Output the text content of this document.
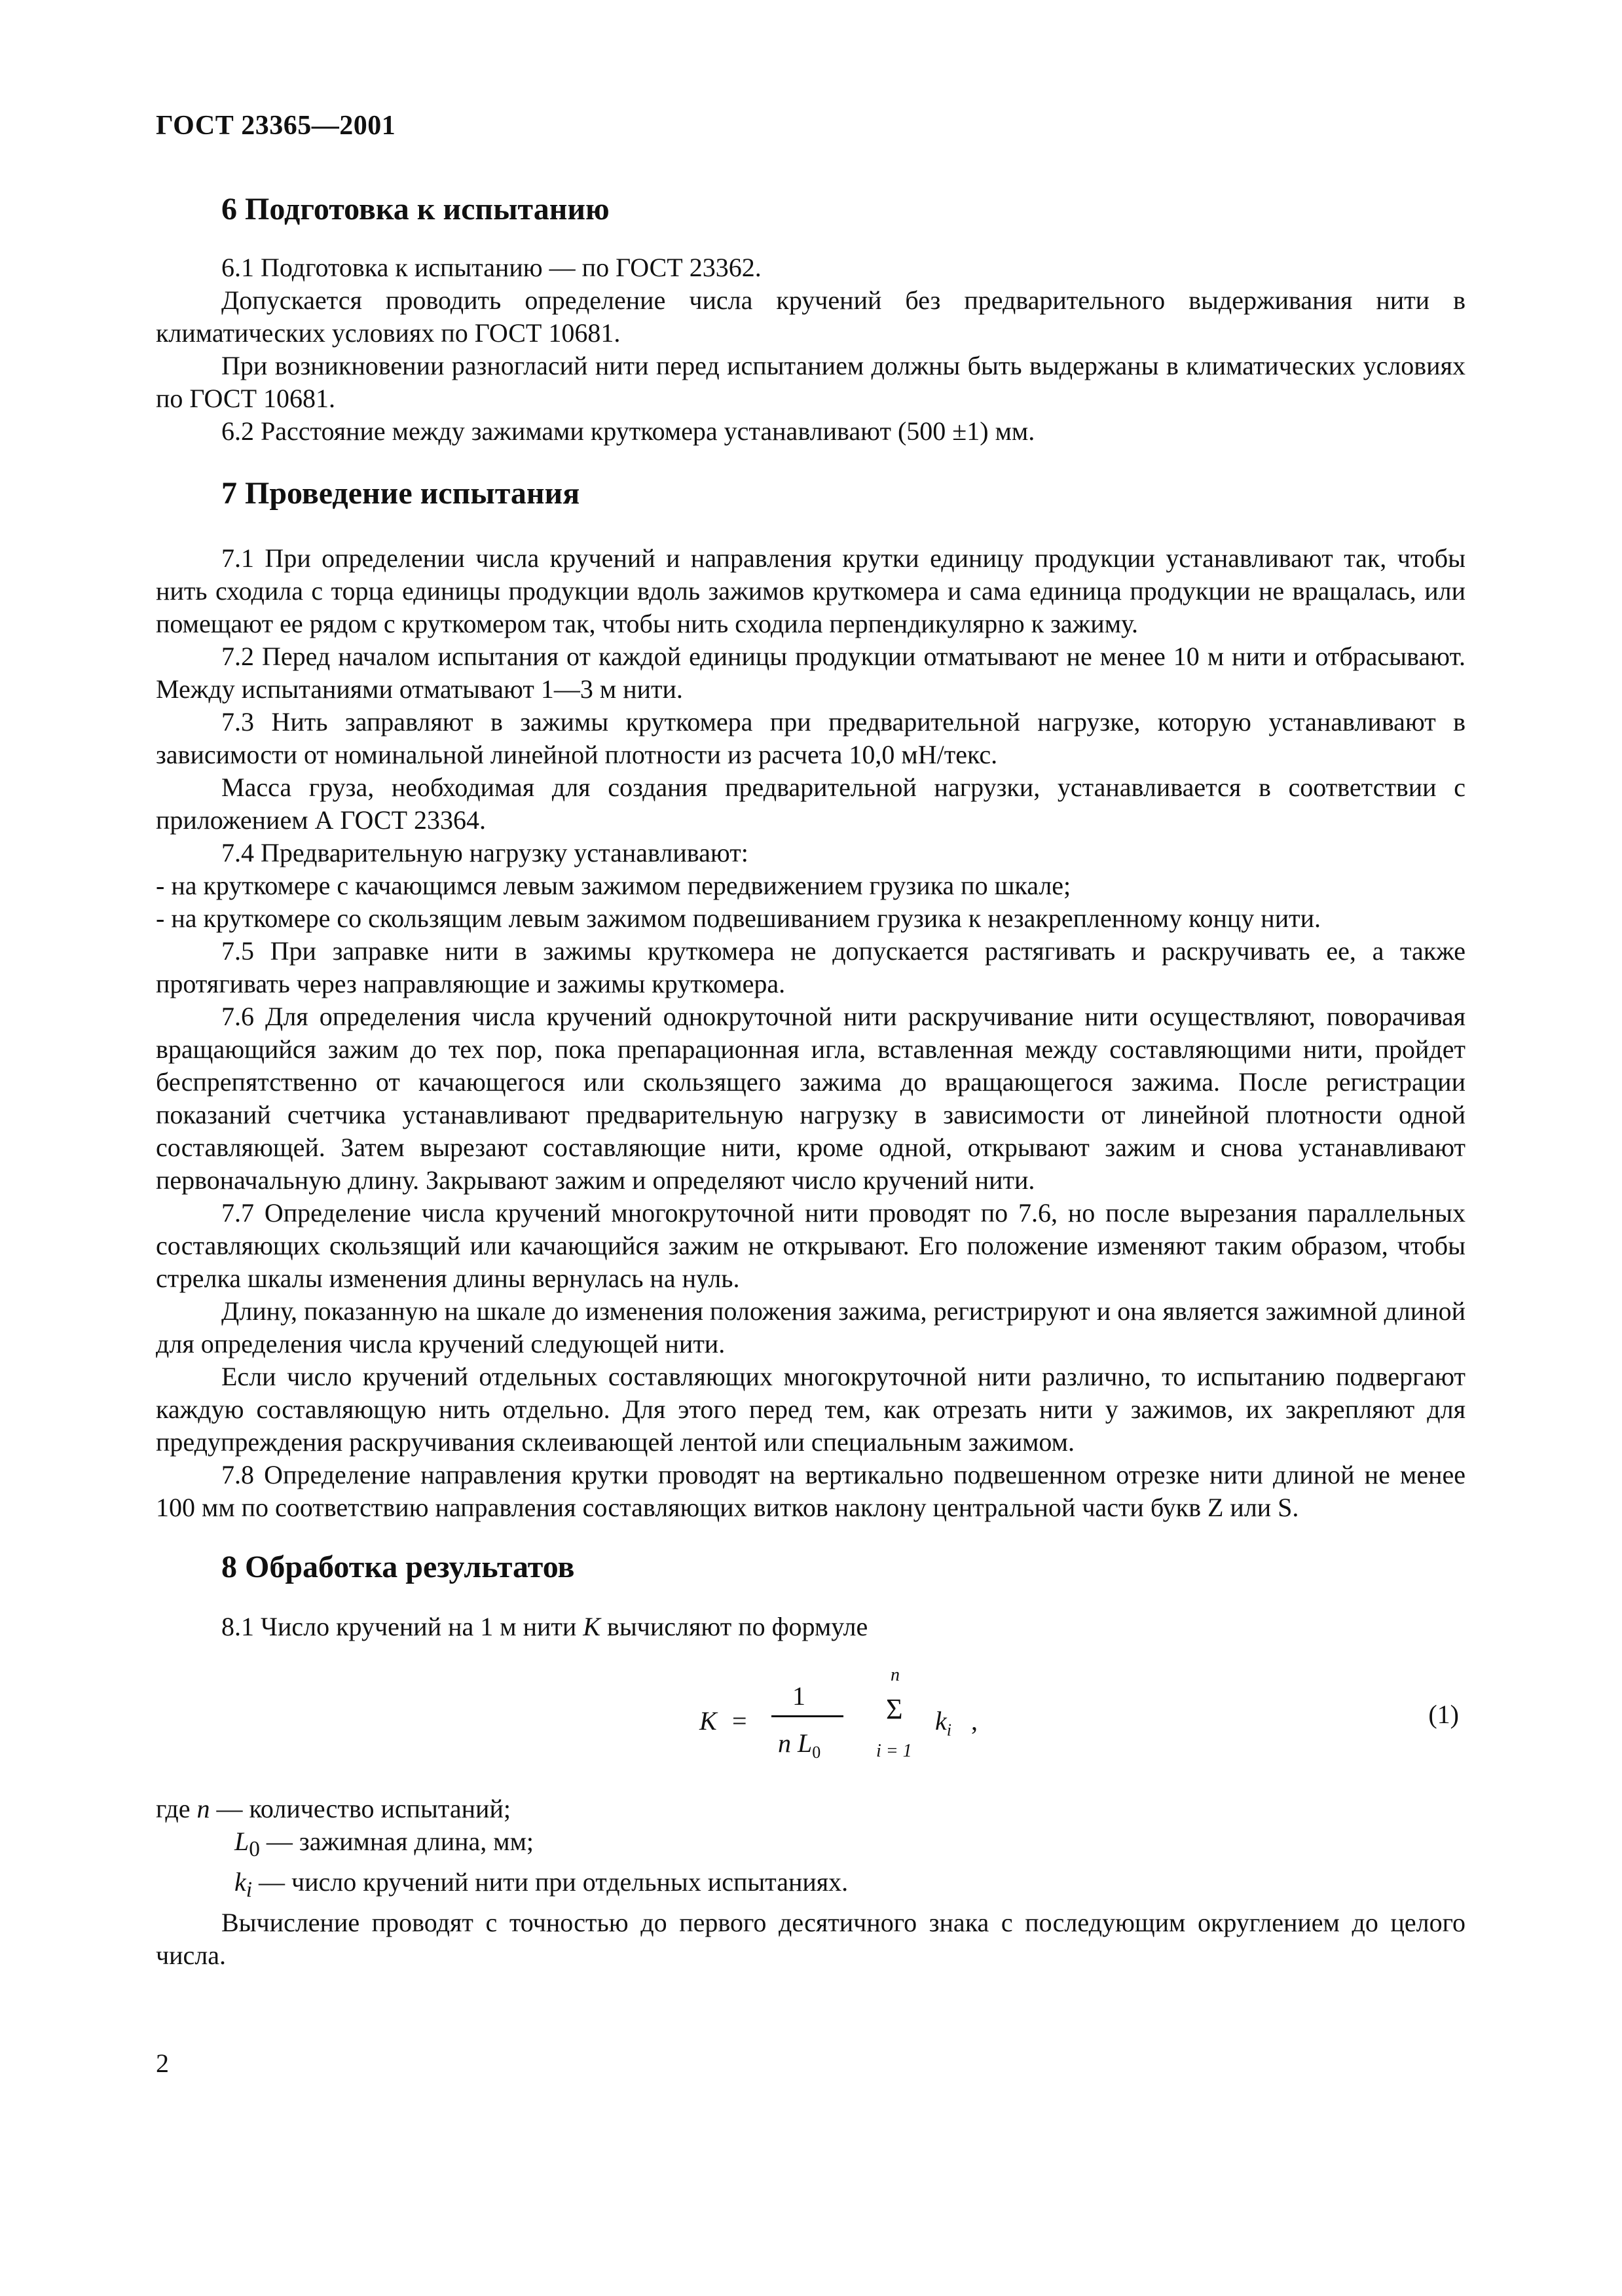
ГОСТ 23365—2001
6 Подготовка к испытанию

6.1 Подготовка к испытанию — по ГОСТ 23362.

Допускается проводить определение числа кручений без предварительного выдерживания нити в климатических условиях по ГОСТ 10681.

При возникновении разногласий нити перед испытанием должны быть выдержаны в климатических условиях по ГОСТ 10681.

6.2 Расстояние между зажимами круткомера устанавливают (500 ±1) мм.

7 Проведение испытания

7.1 При определении числа кручений и направления крутки единицу продукции устанавливают так, чтобы нить сходила с торца единицы продукции вдоль зажимов круткомера и сама единица продукции не вращалась, или помещают ее рядом с круткомером так, чтобы нить сходила перпендикулярно к зажиму.

7.2 Перед началом испытания от каждой единицы продукции отматывают не менее 10 м нити и отбрасывают. Между испытаниями отматывают 1—3 м нити.

7.3 Нить заправляют в зажимы круткомера при предварительной нагрузке, которую устанавливают в зависимости от номинальной линейной плотности из расчета 10,0 мН/текс.

Масса груза, необходимая для создания предварительной нагрузки, устанавливается в соответствии с приложением А ГОСТ 23364.

7.4 Предварительную нагрузку устанавливают:

- на круткомере с качающимся левым зажимом передвижением грузика по шкале;

- на круткомере со скользящим левым зажимом подвешиванием грузика к незакрепленному концу нити.

7.5 При заправке нити в зажимы круткомера не допускается растягивать и раскручивать ее, а также протягивать через направляющие и зажимы круткомера.

7.6 Для определения числа кручений однокруточной нити раскручивание нити осуществляют, поворачивая вращающийся зажим до тех пор, пока препарационная игла, вставленная между составляющими нити, пройдет беспрепятственно от качающегося или скользящего зажима до вращающегося зажима. После регистрации показаний счетчика устанавливают предварительную нагрузку в зависимости от линейной плотности одной составляющей. Затем вырезают составляющие нити, кроме одной, открывают зажим и снова устанавливают первоначальную длину. Закрывают зажим и определяют число кручений нити.

7.7 Определение числа кручений многокруточной нити проводят по 7.6, но после вырезания параллельных составляющих скользящий или качающийся зажим не открывают. Его положение изменяют таким образом, чтобы стрелка шкалы изменения длины вернулась на нуль.

Длину, показанную на шкале до изменения положения зажима, регистрируют и она является зажимной длиной для определения числа кручений следующей нити.

Если число кручений отдельных составляющих многокруточной нити различно, то испытанию подвергают каждую составляющую нить отдельно. Для этого перед тем, как отрезать нити у зажимов, их закрепляют для предупреждения раскручивания склеивающей лентой или специальным зажимом.

7.8 Определение направления крутки проводят на вертикально подвешенном отрезке нити длиной не менее 100 мм по соответствию направления составляющих витков наклону центральной части букв Z или S.

8 Обработка результатов

8.1 Число кручений на 1 м нити K вычисляют по формуле

K =
1
n $L_0$
n
Σ
i = 1
$k_i$ ,	(1)

где n — количество испытаний;

$L_0$ — зажимная длина, мм;

$k_i$ — число кручений нити при отдельных испытаниях.

Вычисление проводят с точностью до первого десятичного знака с последующим округлением до целого числа.

2
